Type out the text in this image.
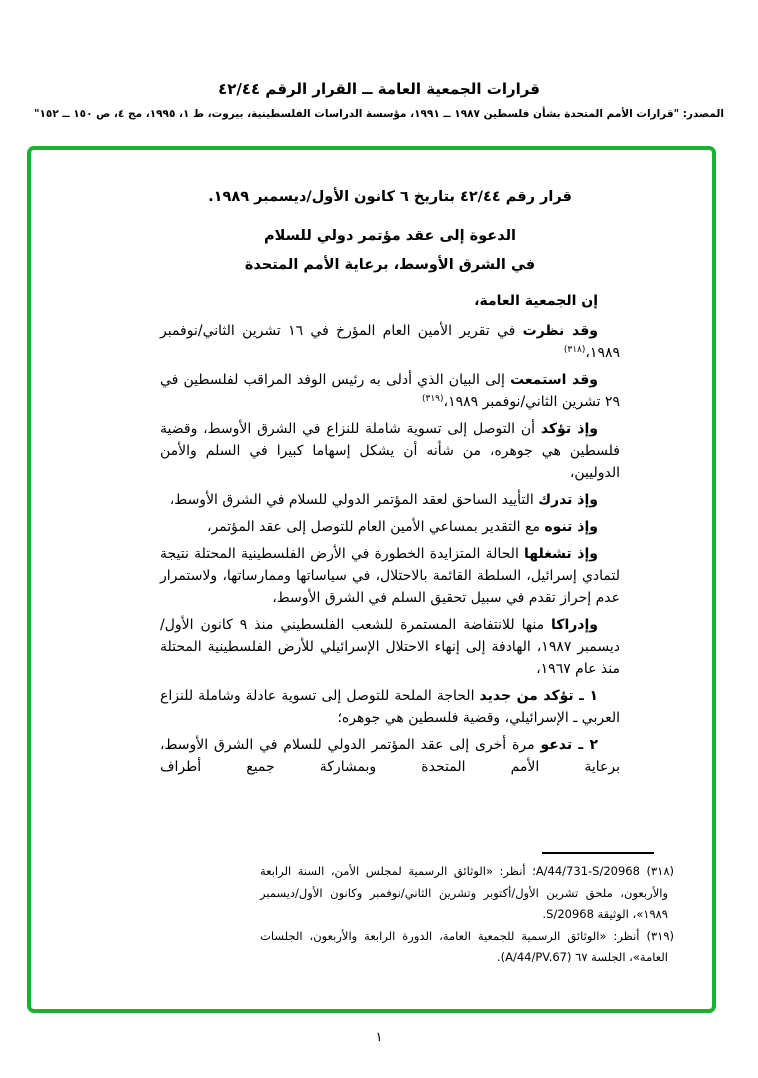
قرارات الجمعية العامة ــ القرار الرقم ٤٢/٤٤
المصدر: "قرارات الأمم المتحدة بشأن فلسطين ١٩٨٧ ــ ١٩٩١، مؤسسة الدراسات الفلسطينية، بيروت، ط ١، ١٩٩٥، مج ٤، ص ١٥٠ ــ ١٥٢"

قرار رقم ٤٢/٤٤ بتاريخ ٦ كانون الأول/ديسمبر ١٩٨٩.

الدعوة إلى عقد مؤتمر دولي للسلام
في الشرق الأوسط، برعاية الأمم المتحدة

إن الجمعية العامة،

وقد نظرت في تقرير الأمين العام المؤرخ في ١٦ تشرين الثاني/نوفمبر ١٩٨٩،$^{(٣١٨)}$

وقد استمعت إلى البيان الذي أدلى به رئيس الوفد المراقب لفلسطين في ٢٩ تشرين الثاني/نوفمبر ١٩٨٩،$^{(٣١٩)}$

وإذ تؤكد أن التوصل إلى تسوية شاملة للنزاع في الشرق الأوسط، وقضية فلسطين هي جوهره، من شأنه أن يشكل إسهاما كبيرا في السلم والأمن الدوليين،

وإذ تدرك التأييد الساحق لعقد المؤتمر الدولي للسلام في الشرق الأوسط،

وإذ تنوه مع التقدير بمساعي الأمين العام للتوصل إلى عقد المؤتمر،

وإذ تشغلها الحالة المتزايدة الخطورة في الأرض الفلسطينية المحتلة نتيجة لتمادي إسرائيل، السلطة القائمة بالاحتلال، في سياساتها وممارساتها، ولاستمرار عدم إحراز تقدم في سبيل تحقيق السلم في الشرق الأوسط،

وإدراكا منها للانتفاضة المستمرة للشعب الفلسطيني منذ ٩ كانون الأول/ديسمبر ١٩٨٧، الهادفة إلى إنهاء الاحتلال الإسرائيلي للأرض الفلسطينية المحتلة منذ عام ١٩٦٧،

١ ـ تؤكد من جديد الحاجة الملحة للتوصل إلى تسوية عادلة وشاملة للنزاع العربي ـ الإسرائيلي، وقضية فلسطين هي جوهره؛

٢ ـ تدعو مرة أخرى إلى عقد المؤتمر الدولي للسلام في الشرق الأوسط، برعاية الأمم المتحدة وبمشاركة جميع أطراف

(٣١٨) A/44/731-S/20968؛ أنظر: «الوثائق الرسمية لمجلس الأمن، السنة الرابعة والأربعون، ملحق تشرين الأول/أكتوبر وتشرين الثاني/نوفمبر وكانون الأول/ديسمبر ١٩٨٩»، الوثيقة S/20968.

(٣١٩) أنظر: «الوثائق الرسمية للجمعية العامة، الدورة الرابعة والأربعون، الجلسات العامة»، الجلسة ٦٧ (A/44/PV.67).

١
